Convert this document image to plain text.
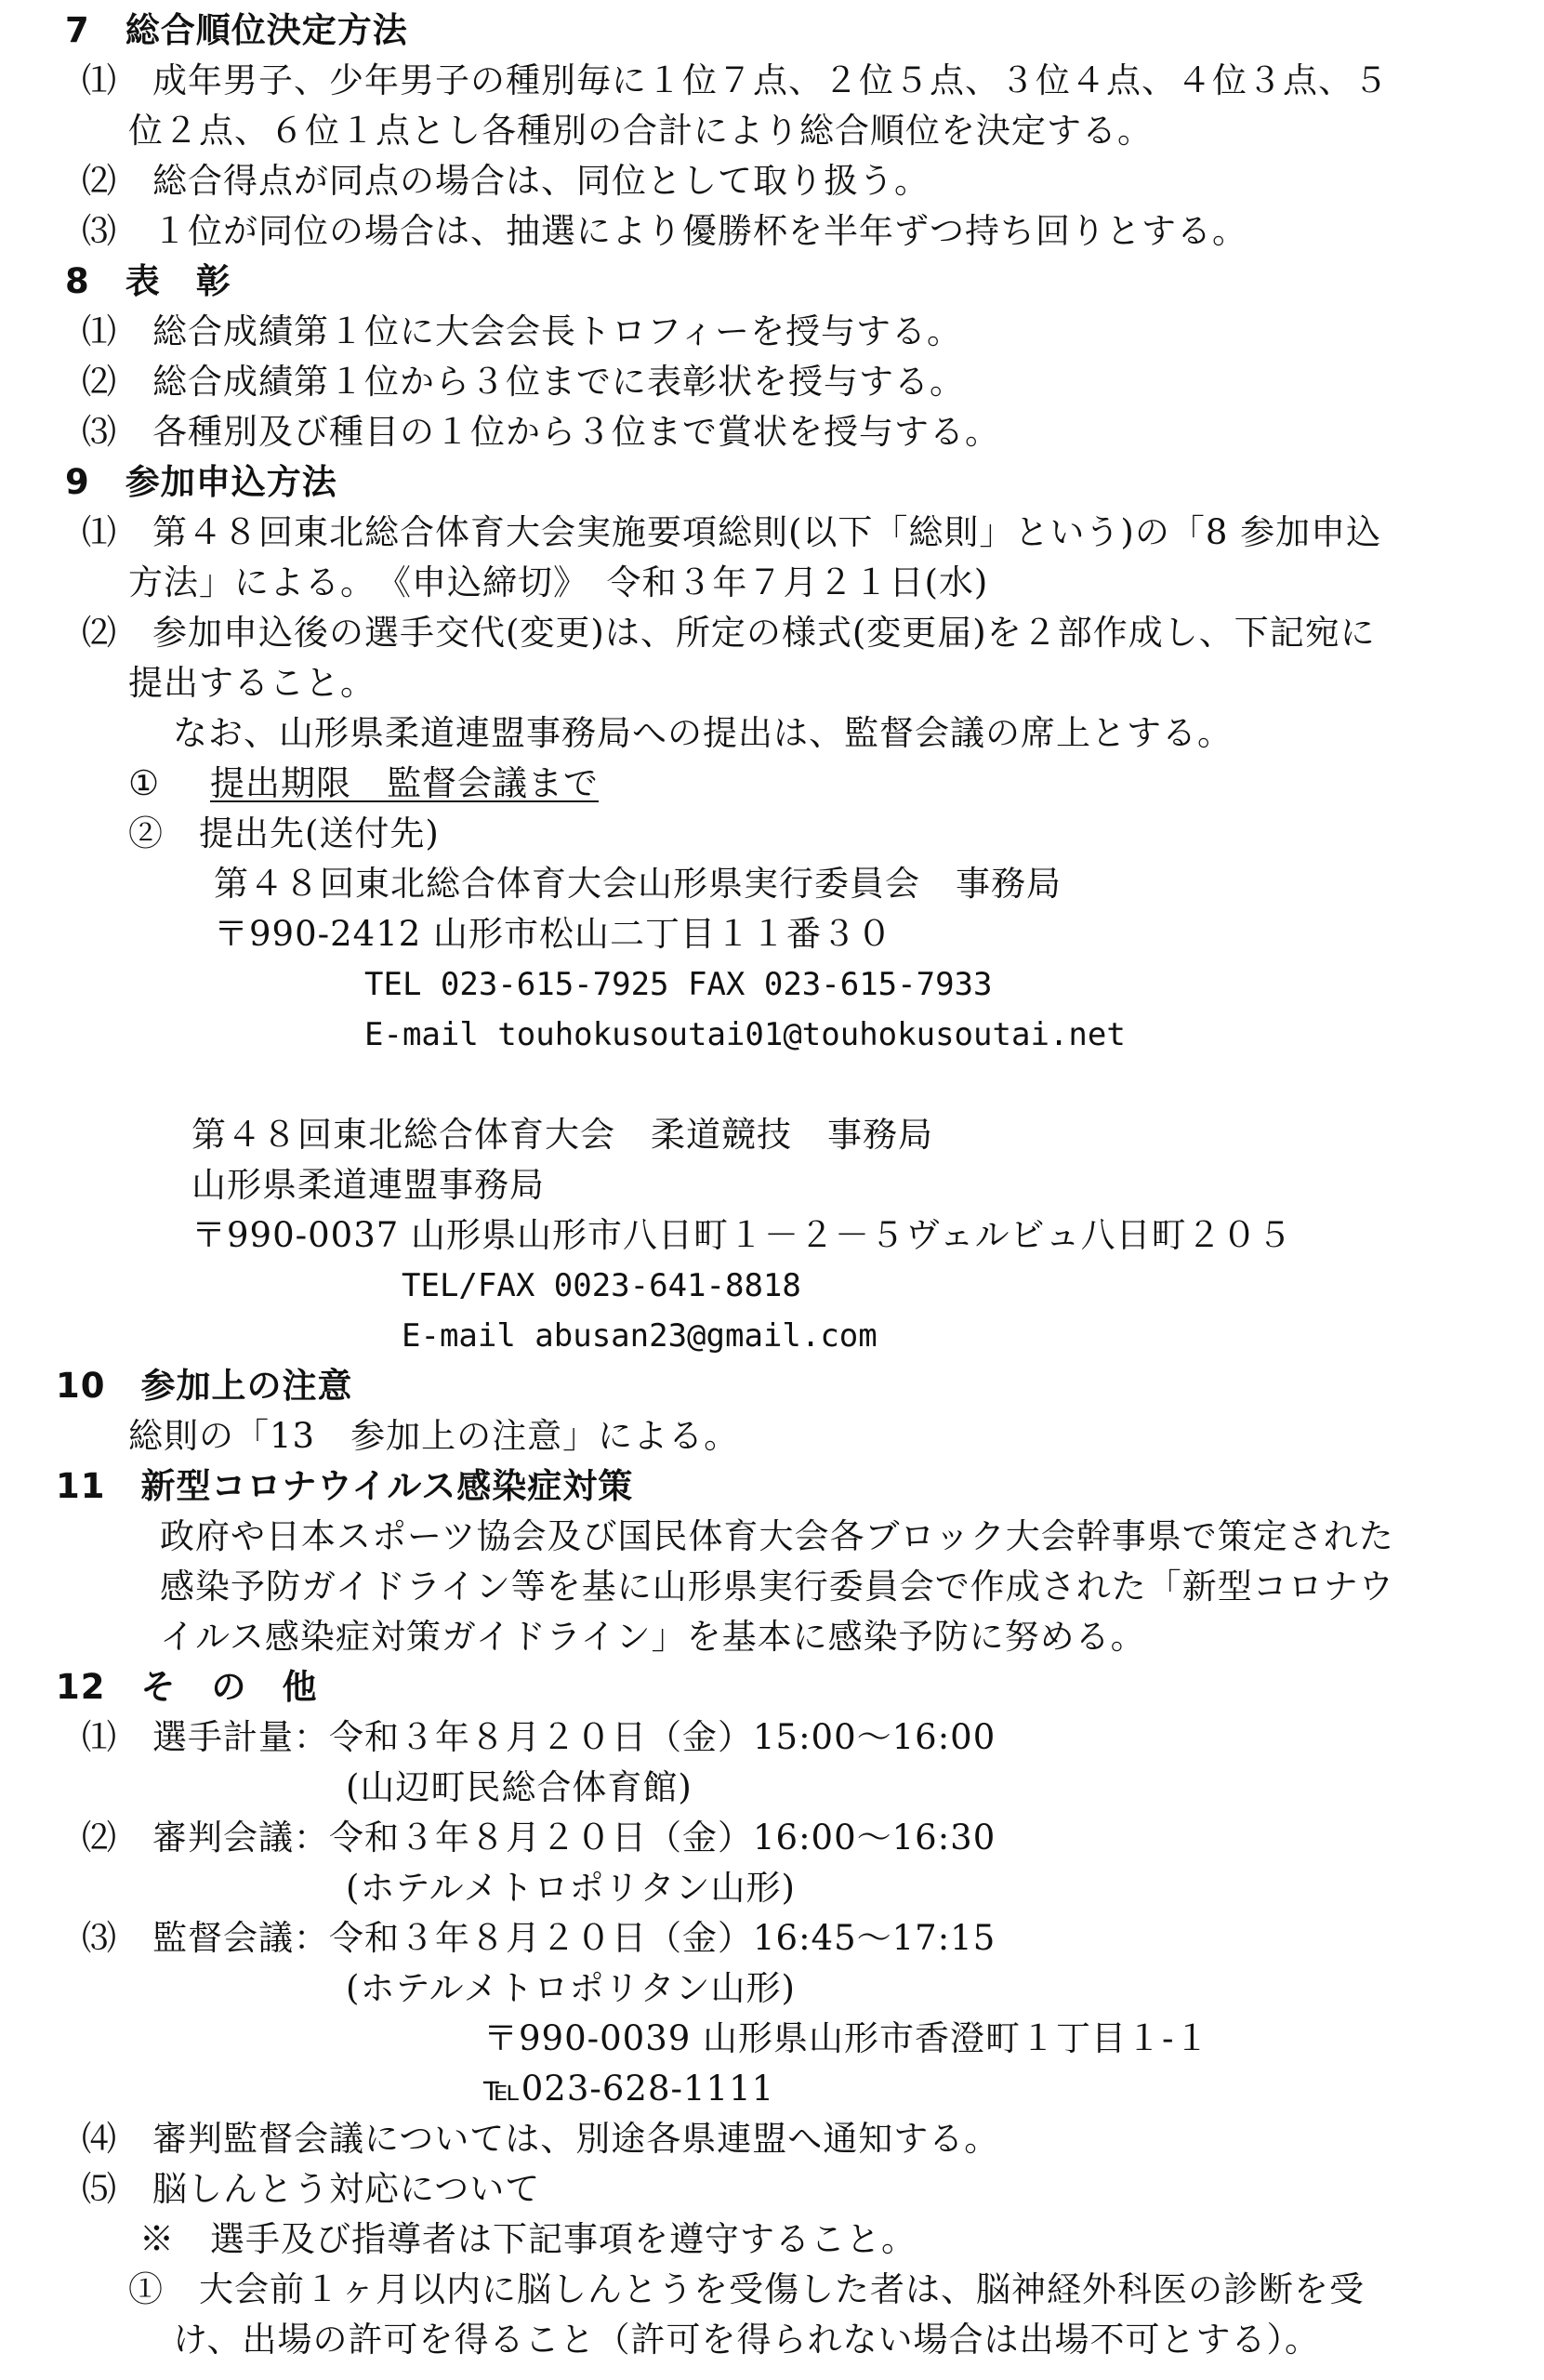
7　総合順位決定方法
⑴　成年男子、少年男子の種別毎に１位７点、２位５点、３位４点、４位３点、５
位２点、６位１点とし各種別の合計により総合順位を決定する。
⑵　総合得点が同点の場合は、同位として取り扱う。
⑶　１位が同位の場合は、抽選により優勝杯を半年ずつ持ち回りとする。
8　表　彰
⑴　総合成績第１位に大会会長トロフィーを授与する。
⑵　総合成績第１位から３位までに表彰状を授与する。
⑶　各種別及び種目の１位から３位まで賞状を授与する。
9　参加申込方法
⑴　第４８回東北総合体育大会実施要項総則(以下「総則」という)の「8 参加申込
方法」による。　《申込締切》　令和３年７月２１日(水)
⑵　参加申込後の選手交代(変更)は、所定の様式(変更届)を２部作成し、下記宛に
提出すること。
なお、山形県柔道連盟事務局への提出は、監督会議の席上とする。
①　 提出期限　監督会議まで
②　提出先(送付先)
第４８回東北総合体育大会山形県実行委員会　事務局
〒990-2412 山形市松山二丁目１１番３０
TEL 023-615-7925 FAX 023-615-7933
E-mail touhokusoutai01@touhokusoutai.net
第４８回東北総合体育大会　柔道競技　事務局
山形県柔道連盟事務局
〒990-0037 山形県山形市八日町１－２－５ヴェルビュ八日町２０５
TEL/FAX 0023-641-8818
E-mail abusan23@gmail.com
10　参加上の注意
総則の「13　参加上の注意」による。
11　新型コロナウイルス感染症対策
政府や日本スポーツ協会及び国民体育大会各ブロック大会幹事県で策定された
感染予防ガイドライン等を基に山形県実行委員会で作成された「新型コロナウ
イルス感染症対策ガイドライン」を基本に感染予防に努める。
12　そ　の　他
⑴　選手計量：令和３年８月２０日（金）15:00～16:00
(山辺町民総合体育館)
⑵　審判会議：令和３年８月２０日（金）16:00～16:30
(ホテルメトロポリタン山形)
⑶　監督会議：令和３年８月２０日（金）16:45～17:15
(ホテルメトロポリタン山形)
〒990-0039 山形県山形市香澄町１丁目１-１
℡023-628-1111
⑷　審判監督会議については、別途各県連盟へ通知する。
⑸　脳しんとう対応について
※　選手及び指導者は下記事項を遵守すること。
①　大会前１ヶ月以内に脳しんとうを受傷した者は、脳神経外科医の診断を受
け、出場の許可を得ること（許可を得られない場合は出場不可とする）。
